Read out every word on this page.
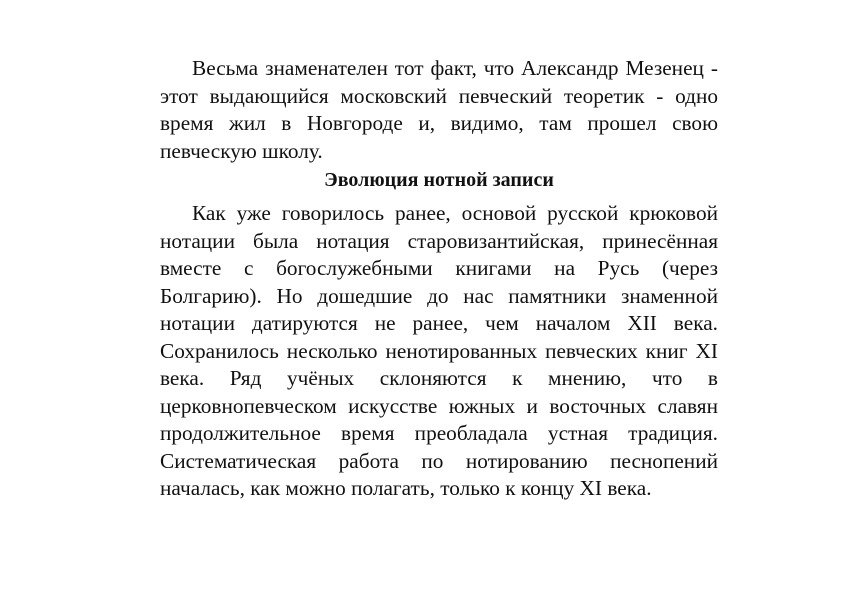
Весьма знаменателен тот факт, что Александр Мезенец - этот выдающийся московский певческий теоретик - одно время жил в Новгороде и, видимо, там прошел свою певческую школу.

Эволюция нотной записи

Как уже говорилось ранее, основой русской крюковой нотации была нотация старовизантийская, принесённая вместе с богослужебными книгами на Русь (через Болгарию). Но дошедшие до нас памятники знаменной нотации датируются не ранее, чем началом XII века. Сохранилось несколько ненотированных певческих книг XI века. Ряд учёных склоняются к мнению, что в церковнопевческом искусстве южных и восточных славян продолжительное время преобладала устная традиция. Систематическая работа по нотированию песнопений началась, как можно полагать, только к концу XI века.
